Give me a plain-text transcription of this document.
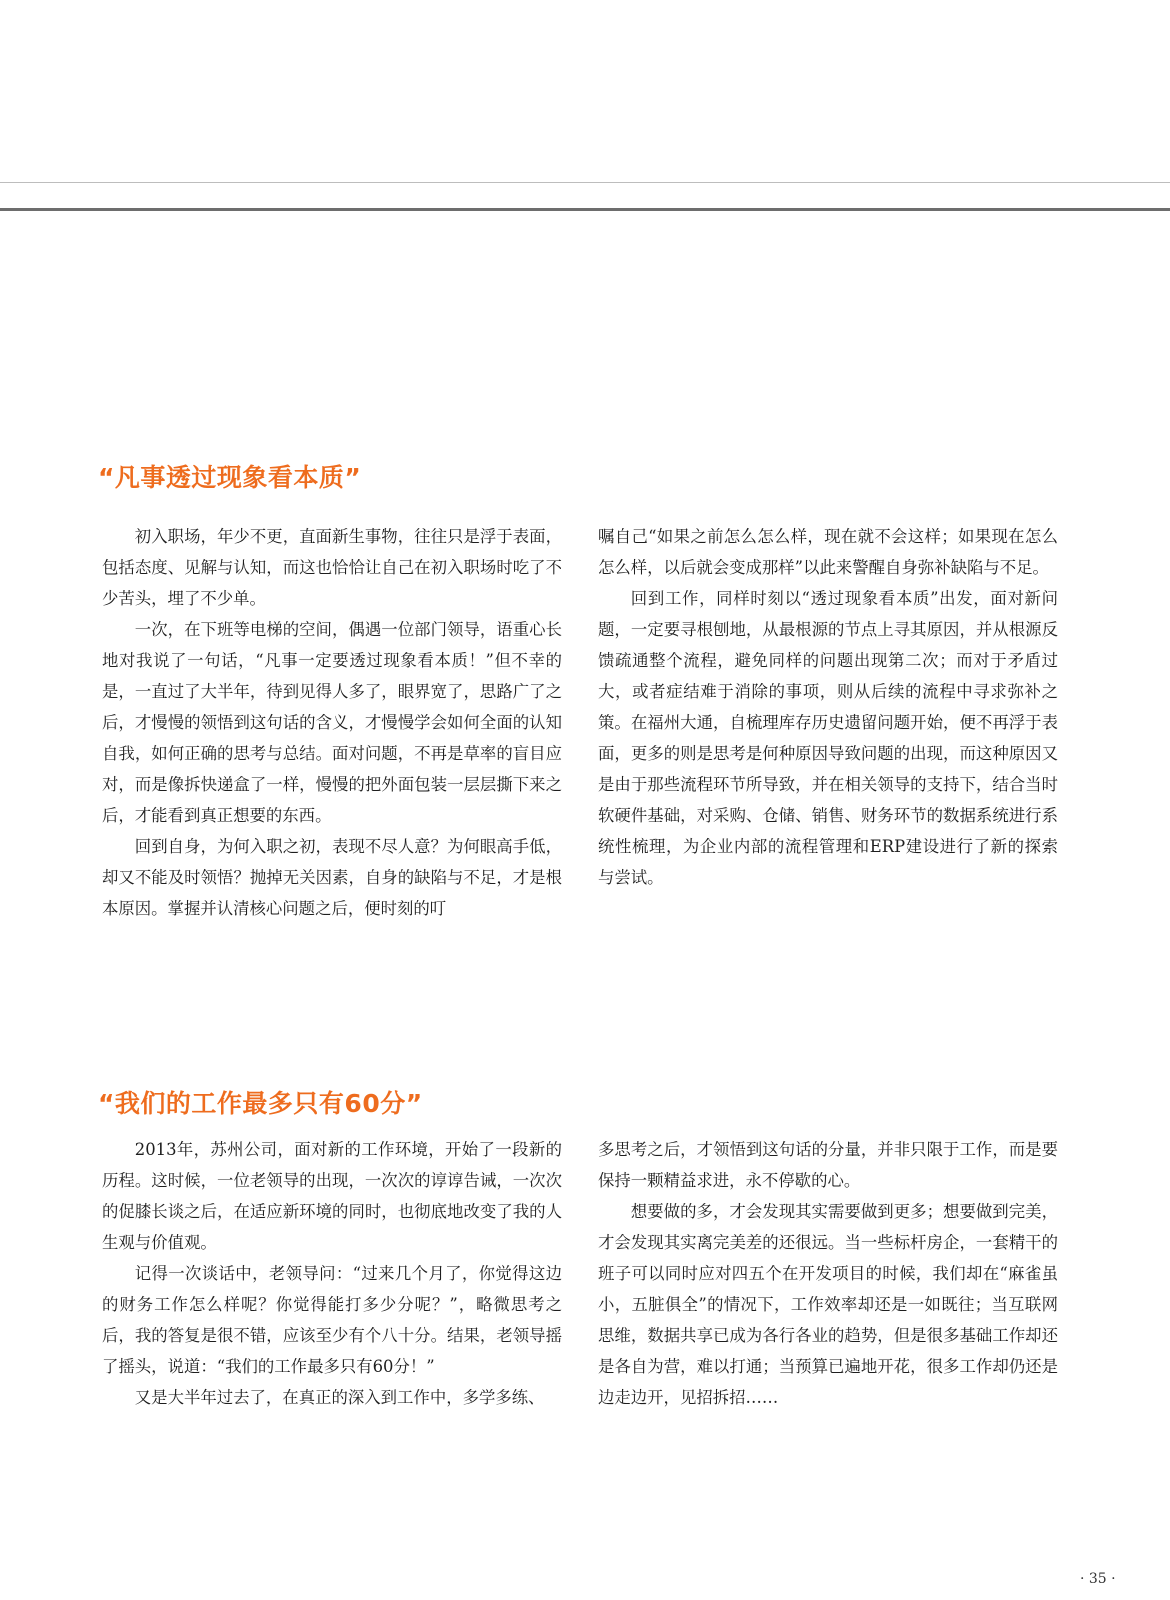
“凡事透过现象看本质”

初入职场，年少不更，直面新生事物，往往只是浮于表面，包括态度、见解与认知，而这也恰恰让自己在初入职场时吃了不少苦头，埋了不少单。

一次，在下班等电梯的空间，偶遇一位部门领导，语重心长地对我说了一句话，“凡事一定要透过现象看本质！”但不幸的是，一直过了大半年，待到见得人多了，眼界宽了，思路广了之后，才慢慢的领悟到这句话的含义，才慢慢学会如何全面的认知自我，如何正确的思考与总结。面对问题，不再是草率的盲目应对，而是像拆快递盒了一样，慢慢的把外面包装一层层撕下来之后，才能看到真正想要的东西。

回到自身，为何入职之初，表现不尽人意？为何眼高手低，却又不能及时领悟？抛掉无关因素，自身的缺陷与不足，才是根本原因。掌握并认清核心问题之后，便时刻的叮

嘱自己“如果之前怎么怎么样，现在就不会这样；如果现在怎么怎么样，以后就会变成那样”以此来警醒自身弥补缺陷与不足。

回到工作，同样时刻以“透过现象看本质”出发，面对新问题，一定要寻根刨地，从最根源的节点上寻其原因，并从根源反馈疏通整个流程，避免同样的问题出现第二次；而对于矛盾过大，或者症结难于消除的事项，则从后续的流程中寻求弥补之策。在福州大通，自梳理库存历史遗留问题开始，便不再浮于表面，更多的则是思考是何种原因导致问题的出现，而这种原因又是由于那些流程环节所导致，并在相关领导的支持下，结合当时软硬件基础，对采购、仓储、销售、财务环节的数据系统进行系统性梳理，为企业内部的流程管理和ERP建设进行了新的探索与尝试。

“我们的工作最多只有60分”

2013年，苏州公司，面对新的工作环境，开始了一段新的历程。这时候，一位老领导的出现，一次次的谆谆告诫，一次次的促膝长谈之后，在适应新环境的同时，也彻底地改变了我的人生观与价值观。

记得一次谈话中，老领导问：“过来几个月了，你觉得这边的财务工作怎么样呢？你觉得能打多少分呢？”，略微思考之后，我的答复是很不错，应该至少有个八十分。结果，老领导摇了摇头，说道：“我们的工作最多只有60分！”

又是大半年过去了，在真正的深入到工作中，多学多练、

多思考之后，才领悟到这句话的分量，并非只限于工作，而是要保持一颗精益求进，永不停歇的心。

想要做的多，才会发现其实需要做到更多；想要做到完美，才会发现其实离完美差的还很远。当一些标杆房企，一套精干的班子可以同时应对四五个在开发项目的时候，我们却在“麻雀虽小，五脏俱全”的情况下，工作效率却还是一如既往；当互联网思维，数据共享已成为各行各业的趋势，但是很多基础工作却还是各自为营，难以打通；当预算已遍地开花，很多工作却仍还是边走边开，见招拆招……

· 35 ·
